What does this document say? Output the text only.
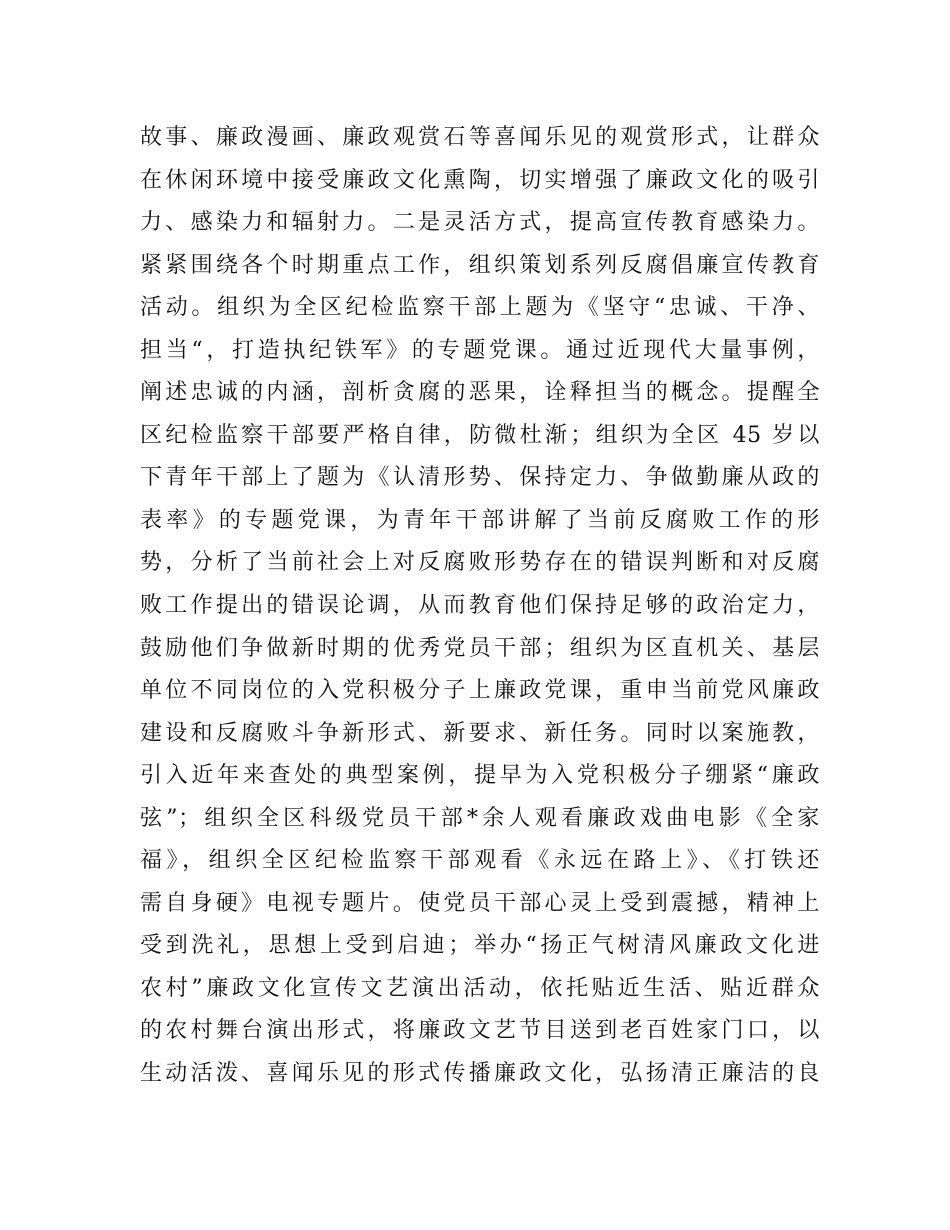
故事、廉政漫画、廉政观赏石等喜闻乐见的观赏形式，让群众
在休闲环境中接受廉政文化熏陶，切实增强了廉政文化的吸引
力、感染力和辐射力。二是灵活方式，提高宣传教育感染力。
紧紧围绕各个时期重点工作，组织策划系列反腐倡廉宣传教育
活动。组织为全区纪检监察干部上题为《坚守“忠诚、干净、
担当“，打造执纪铁军》的专题党课。通过近现代大量事例，
阐述忠诚的内涵，剖析贪腐的恶果，诠释担当的概念。提醒全
区纪检监察干部要严格自律，防微杜渐；组织为全区 45 岁以
下青年干部上了题为《认清形势、保持定力、争做勤廉从政的
表率》的专题党课，为青年干部讲解了当前反腐败工作的形
势，分析了当前社会上对反腐败形势存在的错误判断和对反腐
败工作提出的错误论调，从而教育他们保持足够的政治定力，
鼓励他们争做新时期的优秀党员干部；组织为区直机关、基层
单位不同岗位的入党积极分子上廉政党课，重申当前党风廉政
建设和反腐败斗争新形式、新要求、新任务。同时以案施教，
引入近年来查处的典型案例，提早为入党积极分子绷紧“廉政
弦”；组织全区科级党员干部*余人观看廉政戏曲电影《全家
福》，组织全区纪检监察干部观看《永远在路上》、《打铁还
需自身硬》电视专题片。使党员干部心灵上受到震撼，精神上
受到洗礼，思想上受到启迪；举办“扬正气树清风廉政文化进
农村”廉政文化宣传文艺演出活动，依托贴近生活、贴近群众
的农村舞台演出形式，将廉政文艺节目送到老百姓家门口，以
生动活泼、喜闻乐见的形式传播廉政文化，弘扬清正廉洁的良
